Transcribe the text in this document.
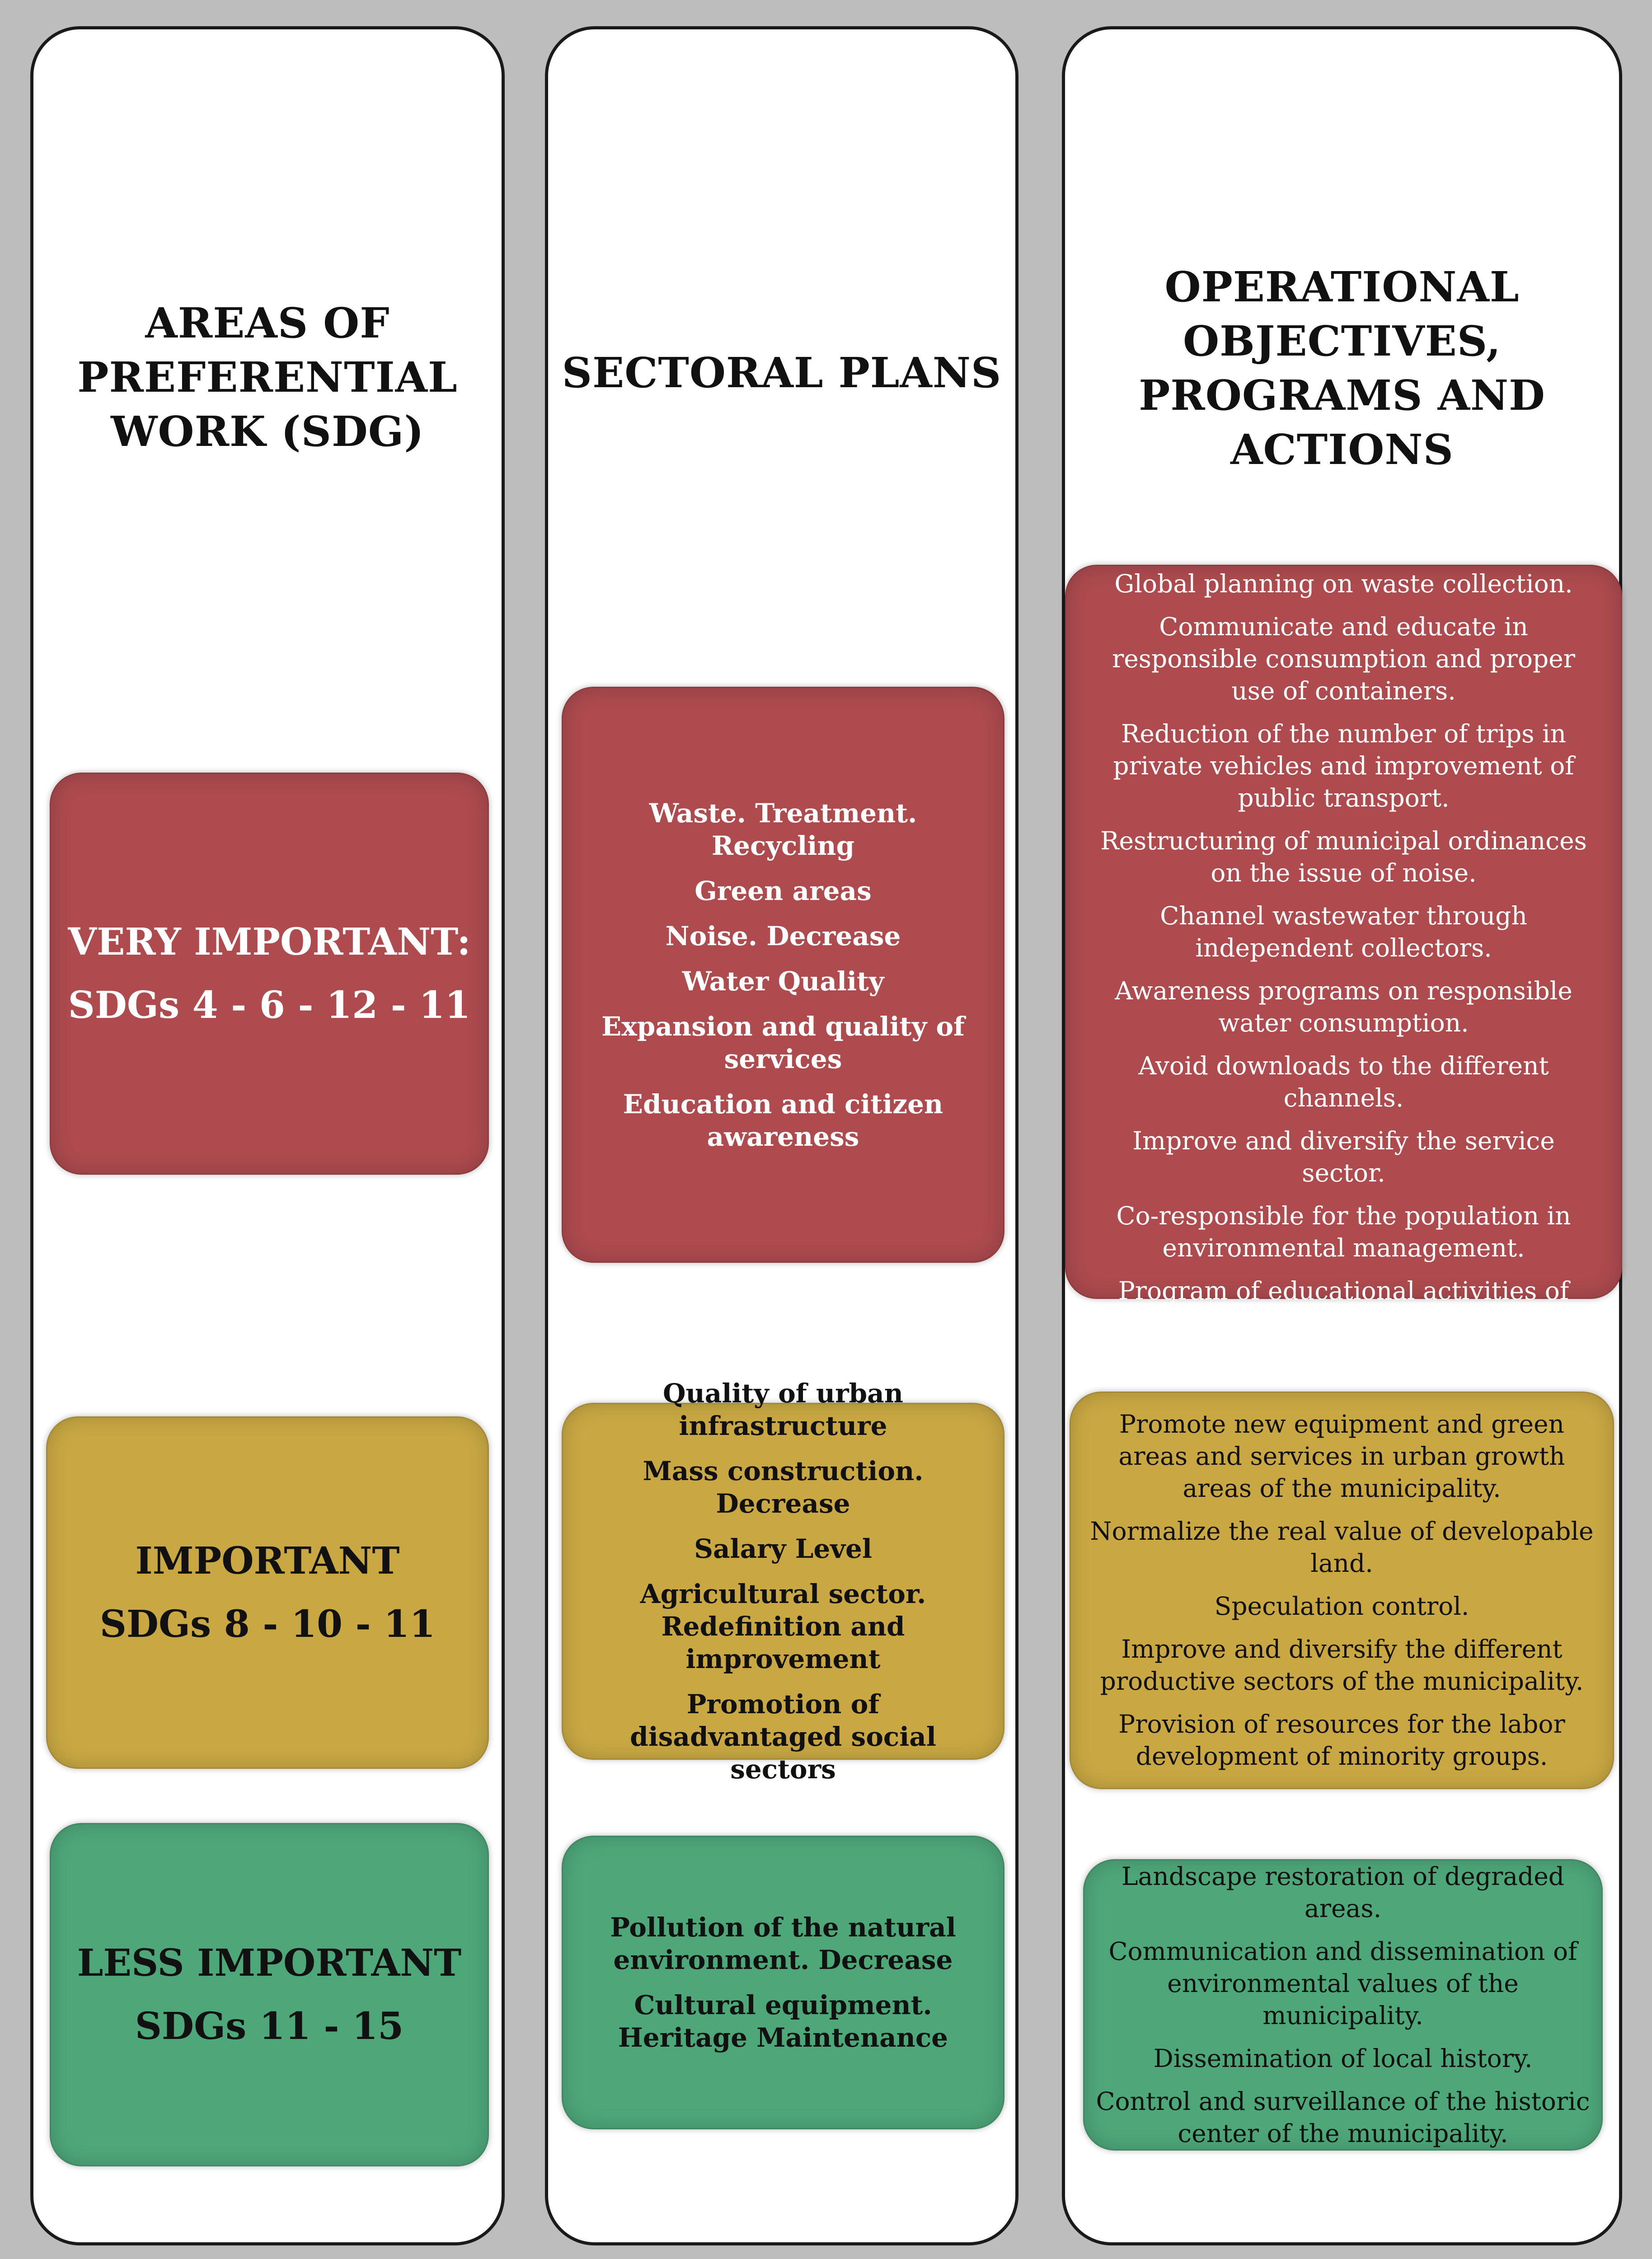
AREAS OF
PREFERENTIAL
WORK (SDG)
VERY IMPORTANT:
SDGs 4 - 6 - 12 - 11
IMPORTANT
SDGs 8 - 10 - 11
LESS IMPORTANT
SDGs 11 - 15
SECTORAL PLANS
Waste. Treatment. Recycling
Green areas
Noise. Decrease
Water Quality
Expansion and quality of services
Education and citizen awareness
Quality of urban infrastructure
Mass construction. Decrease
Salary Level
Agricultural sector. Redefinition and improvement
Promotion of disadvantaged social sectors
Pollution of the natural environment. Decrease
Cultural equipment. Heritage Maintenance
OPERATIONAL
OBJECTIVES,
PROGRAMS AND
ACTIONS
Provision of containers and clean spots.
Global planning on waste collection.
Communicate and educate in responsible consumption and proper use of containers.
Reduction of the number of trips in private vehicles and improvement of public transport.
Restructuring of municipal ordinances on the issue of noise.
Channel wastewater through independent collectors.
Awareness programs on responsible water consumption.
Avoid downloads to the different channels.
Improve and diversify the service sector.
Co-responsible for the population in environmental management.
Program of educational activities of social and environmental awareness.
Promote new equipment and green areas and services in urban growth areas of the municipality.
Normalize the real value of developable land.
Speculation control.
Improve and diversify the different productive sectors of the municipality.
Provision of resources for the labor development of minority groups.
Landscape restoration of degraded areas.
Communication and dissemination of environmental values of the municipality.
Dissemination of local history.
Control and surveillance of the historic center of the municipality.
